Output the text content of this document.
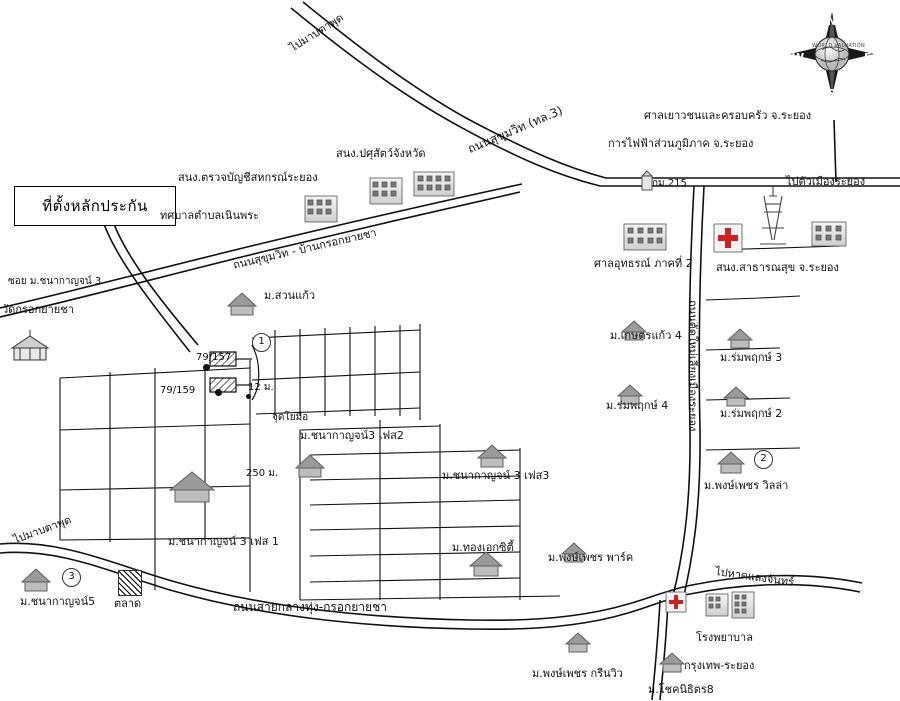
ที่ตั้งหลักประกัน
N
S
E
W
WORLD VALUATION
ไปมาบตาพุด
ถนนสุขุมวิท (ทล.3)
ถนนสุขุมวิท - บ้านกรอกยายชา
ถนนสายกลางทุ่ง-กรอกยายชา
ซอย ม.ชนากาญจน์ 3
ไปมาบตาพุด
ไปตัวเมืองระยอง
ไปหาดแสงจันทร์
สนง.ปศุสัตว์จังหวัด
สนง.ตรวจบัญชีสหกรณ์ระยอง
ทศบาลตำบลเนินพระ
ศาลเยาวชนและครอบครัว จ.ระยอง
การไฟฟ้าส่วนภูมิภาค จ.ระยอง
กม.215
ศาลอุทธรณ์ ภาคที่ 2 สนง.สาธารณสุข จ.ระยอง
วัดกรอกยายชา
ม.สวนแก้ว
ม.เกษตรแก้ว 4
ม.ร่มพฤกษ์ 3
ม.ร่มพฤกษ์ 4
ม.ร่มพฤกษ์ 2
ถนนตัดใหม่เลี่ยงเมืองระยอง
ม.ชนากาญจน์3 เฟส2
ม.ชนากาญจน์ 3 เฟส3
ม.ชนากาญจน์ 3 เฟส 1
ม.พงษ์เพชร วิลล่า
ม.ทองเอกซิตี้
ม.พงษ์เพชร พาร์ค
ม.ชนากาญจน์5 ตลาด
โรงพยาบาล
กรุงเทพ-ระยอง
ม.พงษ์เพชร กรีนวิว
ม.โชคนิธิตร8
79/157
79/159	12 ม.
250 ม.
จุดโยมือ
1
2
3
